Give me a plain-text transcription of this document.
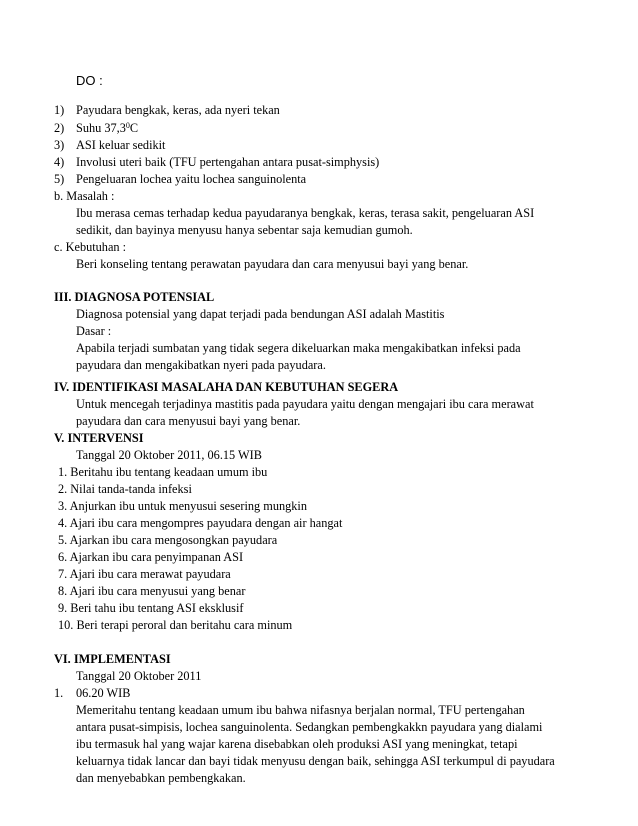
DO :
1) Payudara bengkak, keras, ada nyeri tekan
2) Suhu 37,3$^0$C
3) ASI keluar sedikit
4) Involusi uteri baik (TFU pertengahan antara pusat-simphysis)
5) Pengeluaran lochea yaitu lochea sanguinolenta
b. Masalah :
Ibu merasa cemas terhadap kedua payudaranya bengkak, keras, terasa sakit, pengeluaran ASI
sedikit, dan bayinya menyusu hanya sebentar saja kemudian gumoh.
c. Kebutuhan :
Beri konseling tentang perawatan payudara dan cara menyusui bayi yang benar.
III. DIAGNOSA POTENSIAL
Diagnosa potensial yang dapat terjadi pada bendungan ASI adalah Mastitis
Dasar :
Apabila terjadi sumbatan yang tidak segera dikeluarkan maka mengakibatkan infeksi pada
payudara dan mengakibatkan nyeri pada payudara.
IV. IDENTIFIKASI MASALAHA DAN KEBUTUHAN SEGERA
Untuk mencegah terjadinya mastitis pada payudara yaitu dengan mengajari ibu cara merawat
payudara dan cara menyusui bayi yang benar.
V. INTERVENSI
Tanggal 20 Oktober 2011, 06.15 WIB
1. Beritahu ibu tentang keadaan umum ibu
2. Nilai tanda-tanda infeksi
3. Anjurkan ibu untuk menyusui sesering mungkin
4. Ajari ibu cara mengompres payudara dengan air hangat
5. Ajarkan ibu cara mengosongkan payudara
6. Ajarkan ibu cara penyimpanan ASI
7. Ajari ibu cara merawat payudara
8. Ajari ibu cara menyusui yang benar
9. Beri tahu ibu tentang ASI eksklusif
10. Beri terapi peroral dan beritahu cara minum
VI. IMPLEMENTASI
Tanggal 20 Oktober 2011
1. 06.20 WIB
Memeritahu tentang keadaan umum ibu bahwa nifasnya berjalan normal, TFU pertengahan
antara pusat-simpisis, lochea sanguinolenta. Sedangkan pembengkakkn payudara yang dialami
ibu termasuk hal yang wajar karena disebabkan oleh produksi ASI yang meningkat, tetapi
keluarnya tidak lancar dan bayi tidak menyusu dengan baik, sehingga ASI terkumpul di payudara
dan menyebabkan pembengkakan.
